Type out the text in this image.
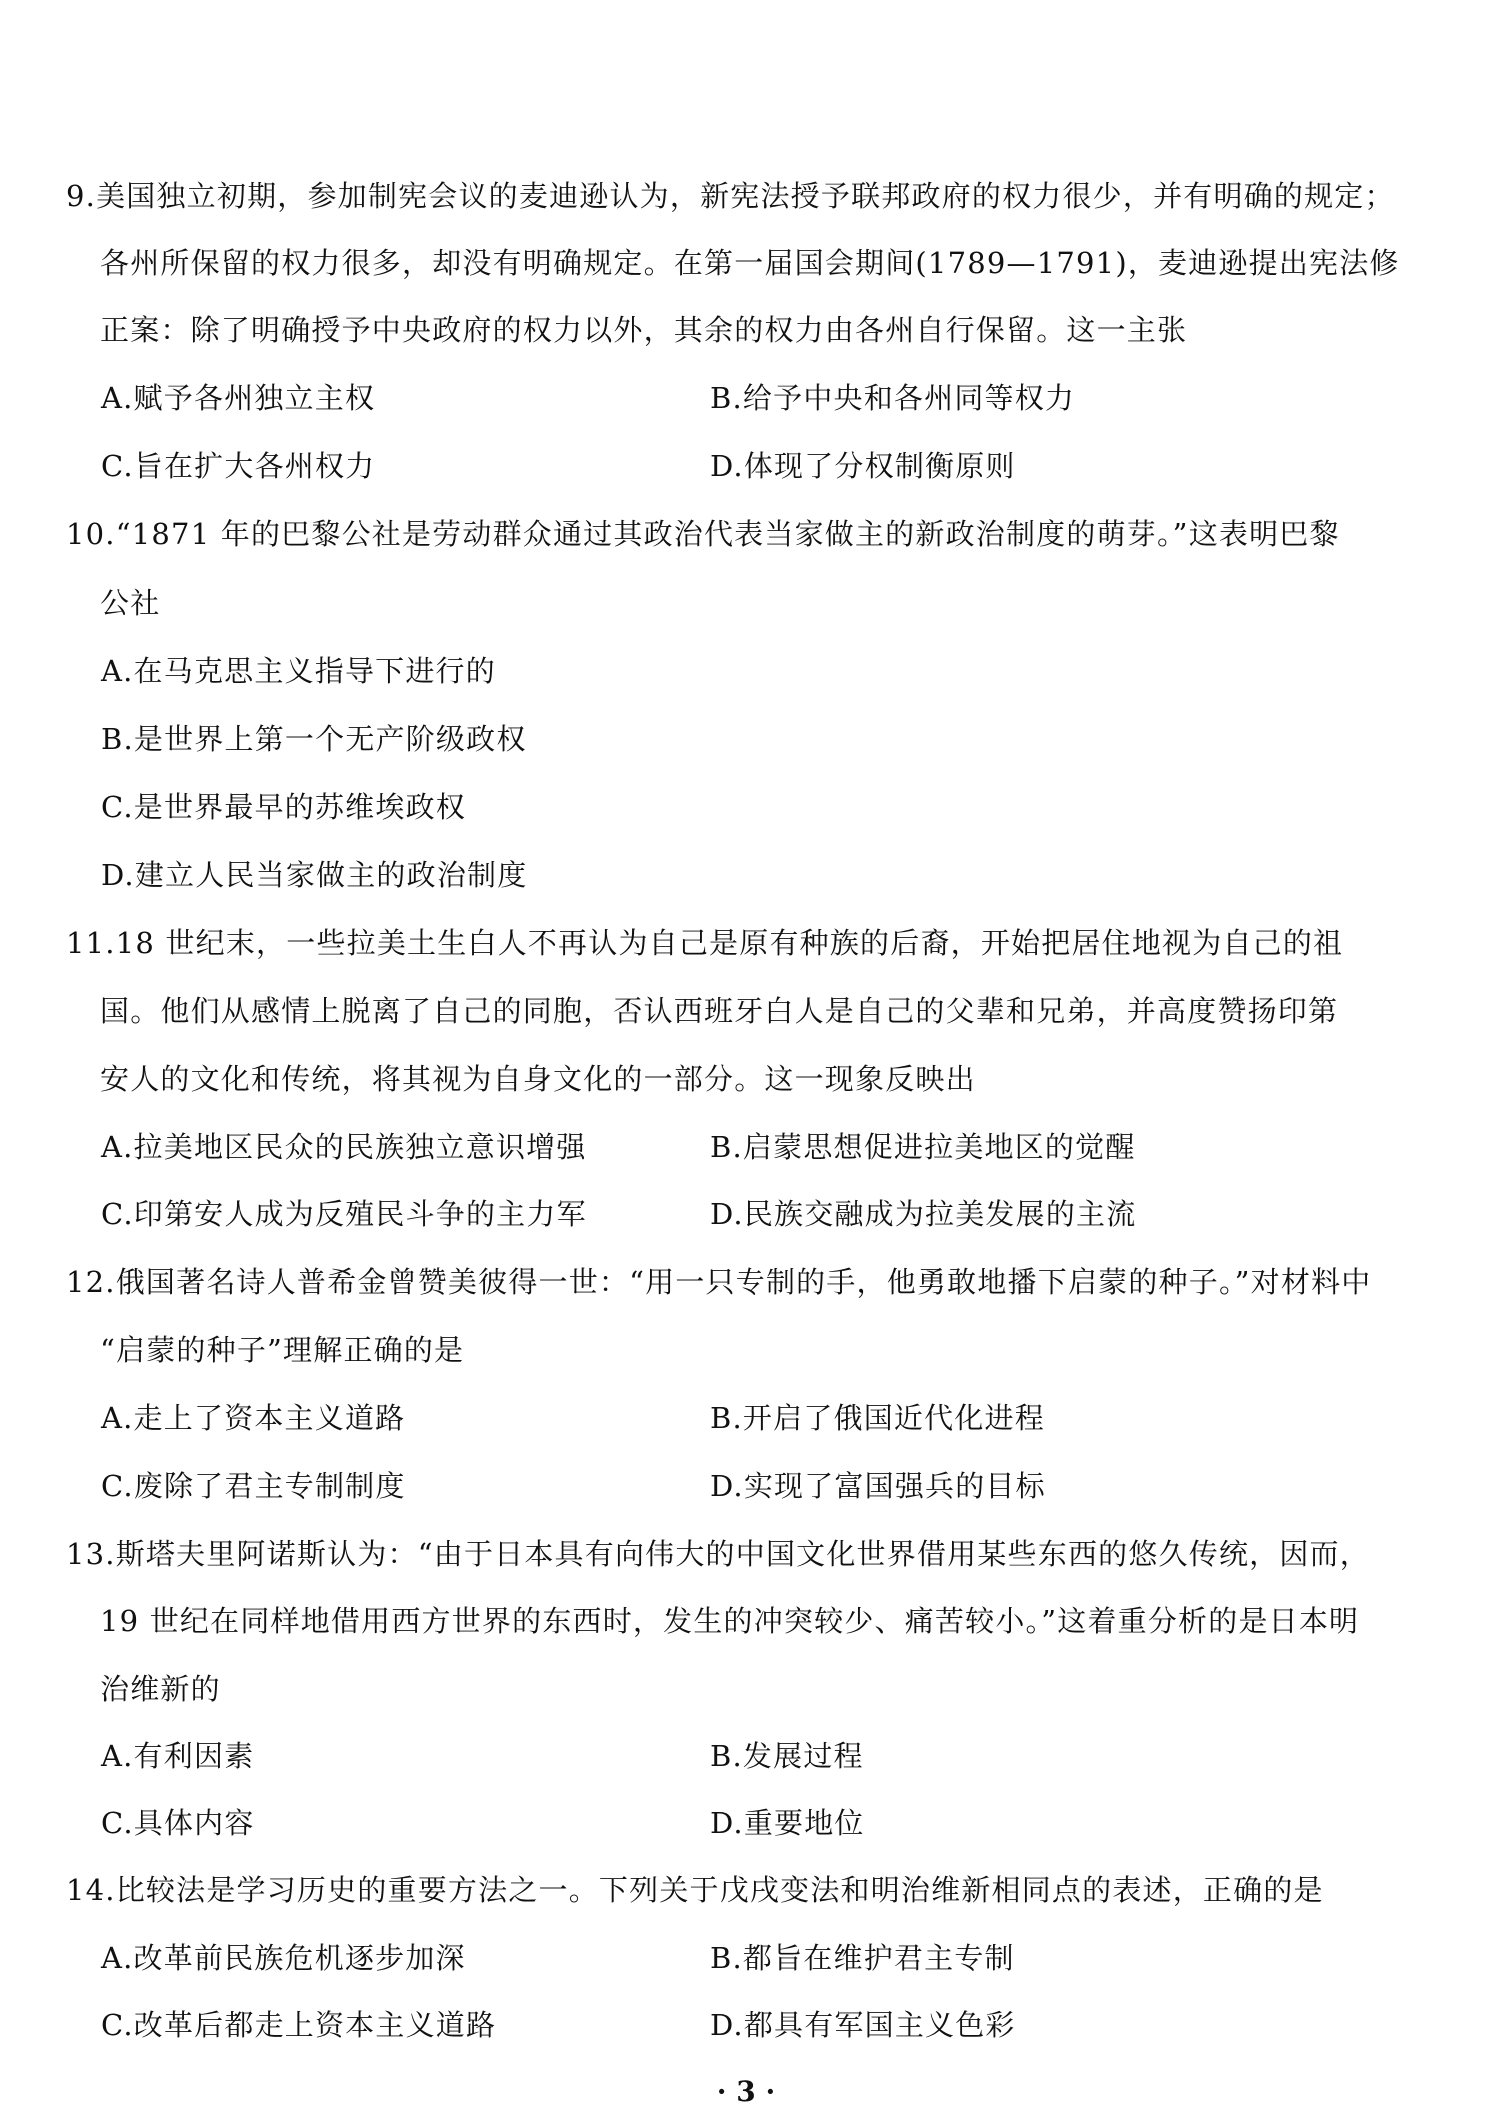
9.美国独立初期，参加制宪会议的麦迪逊认为，新宪法授予联邦政府的权力很少，并有明确的规定；
各州所保留的权力很多，却没有明确规定。在第一届国会期间(1789—1791)，麦迪逊提出宪法修
正案：除了明确授予中央政府的权力以外，其余的权力由各州自行保留。这一主张
A.赋予各州独立主权	B.给予中央和各州同等权力
C.旨在扩大各州权力	D.体现了分权制衡原则
10.“1871 年的巴黎公社是劳动群众通过其政治代表当家做主的新政治制度的萌芽。”这表明巴黎
公社
A.在马克思主义指导下进行的
B.是世界上第一个无产阶级政权
C.是世界最早的苏维埃政权
D.建立人民当家做主的政治制度
11.18 世纪末，一些拉美土生白人不再认为自己是原有种族的后裔，开始把居住地视为自己的祖
国。他们从感情上脱离了自己的同胞，否认西班牙白人是自己的父辈和兄弟，并高度赞扬印第
安人的文化和传统，将其视为自身文化的一部分。这一现象反映出
A.拉美地区民众的民族独立意识增强	B.启蒙思想促进拉美地区的觉醒
C.印第安人成为反殖民斗争的主力军	D.民族交融成为拉美发展的主流
12.俄国著名诗人普希金曾赞美彼得一世：“用一只专制的手，他勇敢地播下启蒙的种子。”对材料中
“启蒙的种子”理解正确的是
A.走上了资本主义道路	B.开启了俄国近代化进程
C.废除了君主专制制度	D.实现了富国强兵的目标
13.斯塔夫里阿诺斯认为：“由于日本具有向伟大的中国文化世界借用某些东西的悠久传统，因而，
19 世纪在同样地借用西方世界的东西时，发生的冲突较少、痛苦较小。”这着重分析的是日本明
治维新的
A.有利因素	B.发展过程
C.具体内容	D.重要地位
14.比较法是学习历史的重要方法之一。下列关于戊戌变法和明治维新相同点的表述，正确的是
A.改革前民族危机逐步加深	B.都旨在维护君主专制
C.改革后都走上资本主义道路	D.都具有军国主义色彩
· 3 ·
